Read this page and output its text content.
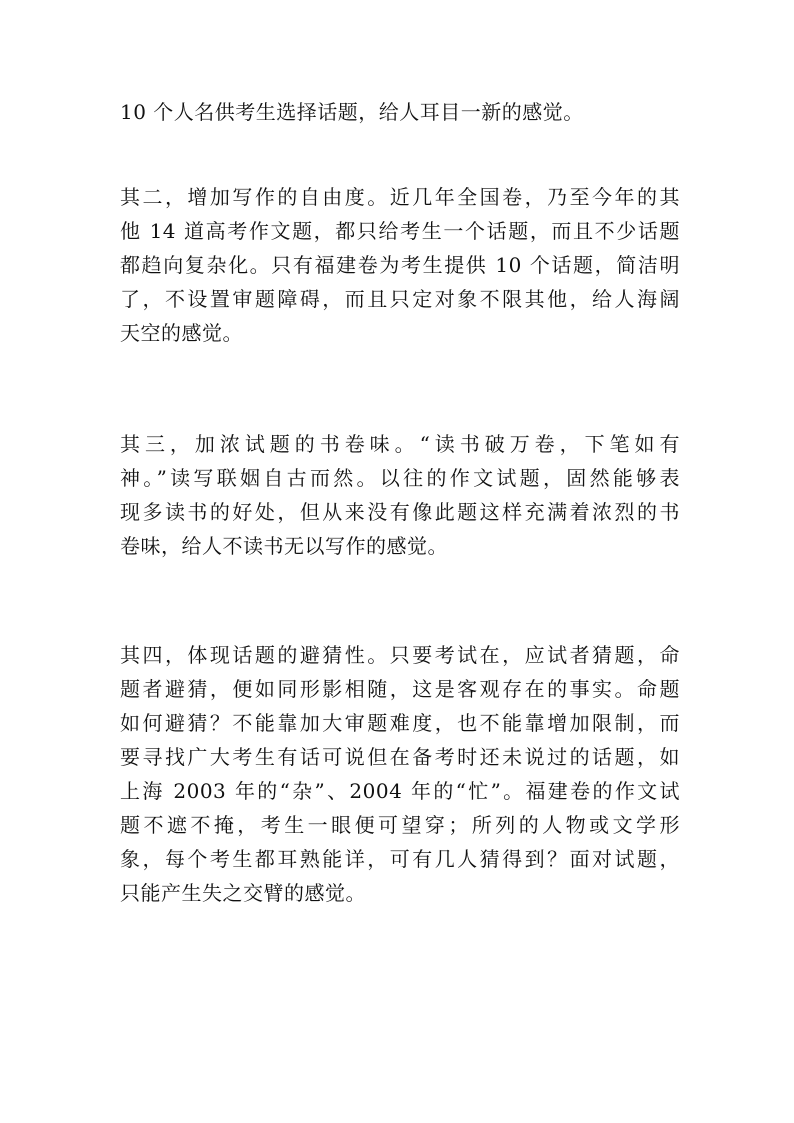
10 个人名供考生选择话题，给人耳目一新的感觉。
其二，增加写作的自由度。近几年全国卷，乃至今年的其
他 14 道高考作文题，都只给考生一个话题，而且不少话题
都趋向复杂化。只有福建卷为考生提供 10 个话题，简洁明
了，不设置审题障碍，而且只定对象不限其他，给人海阔
天空的感觉。
其三，加浓试题的书卷味。“读书破万卷，下笔如有
神。”读写联姻自古而然。以往的作文试题，固然能够表
现多读书的好处，但从来没有像此题这样充满着浓烈的书
卷味，给人不读书无以写作的感觉。
其四，体现话题的避猜性。只要考试在，应试者猜题，命
题者避猜，便如同形影相随，这是客观存在的事实。命题
如何避猜？不能靠加大审题难度，也不能靠增加限制，而
要寻找广大考生有话可说但在备考时还未说过的话题，如
上海 2003 年的“杂”、2004 年的“忙”。福建卷的作文试
题不遮不掩，考生一眼便可望穿；所列的人物或文学形
象，每个考生都耳熟能详，可有几人猜得到？面对试题，
只能产生失之交臂的感觉。
